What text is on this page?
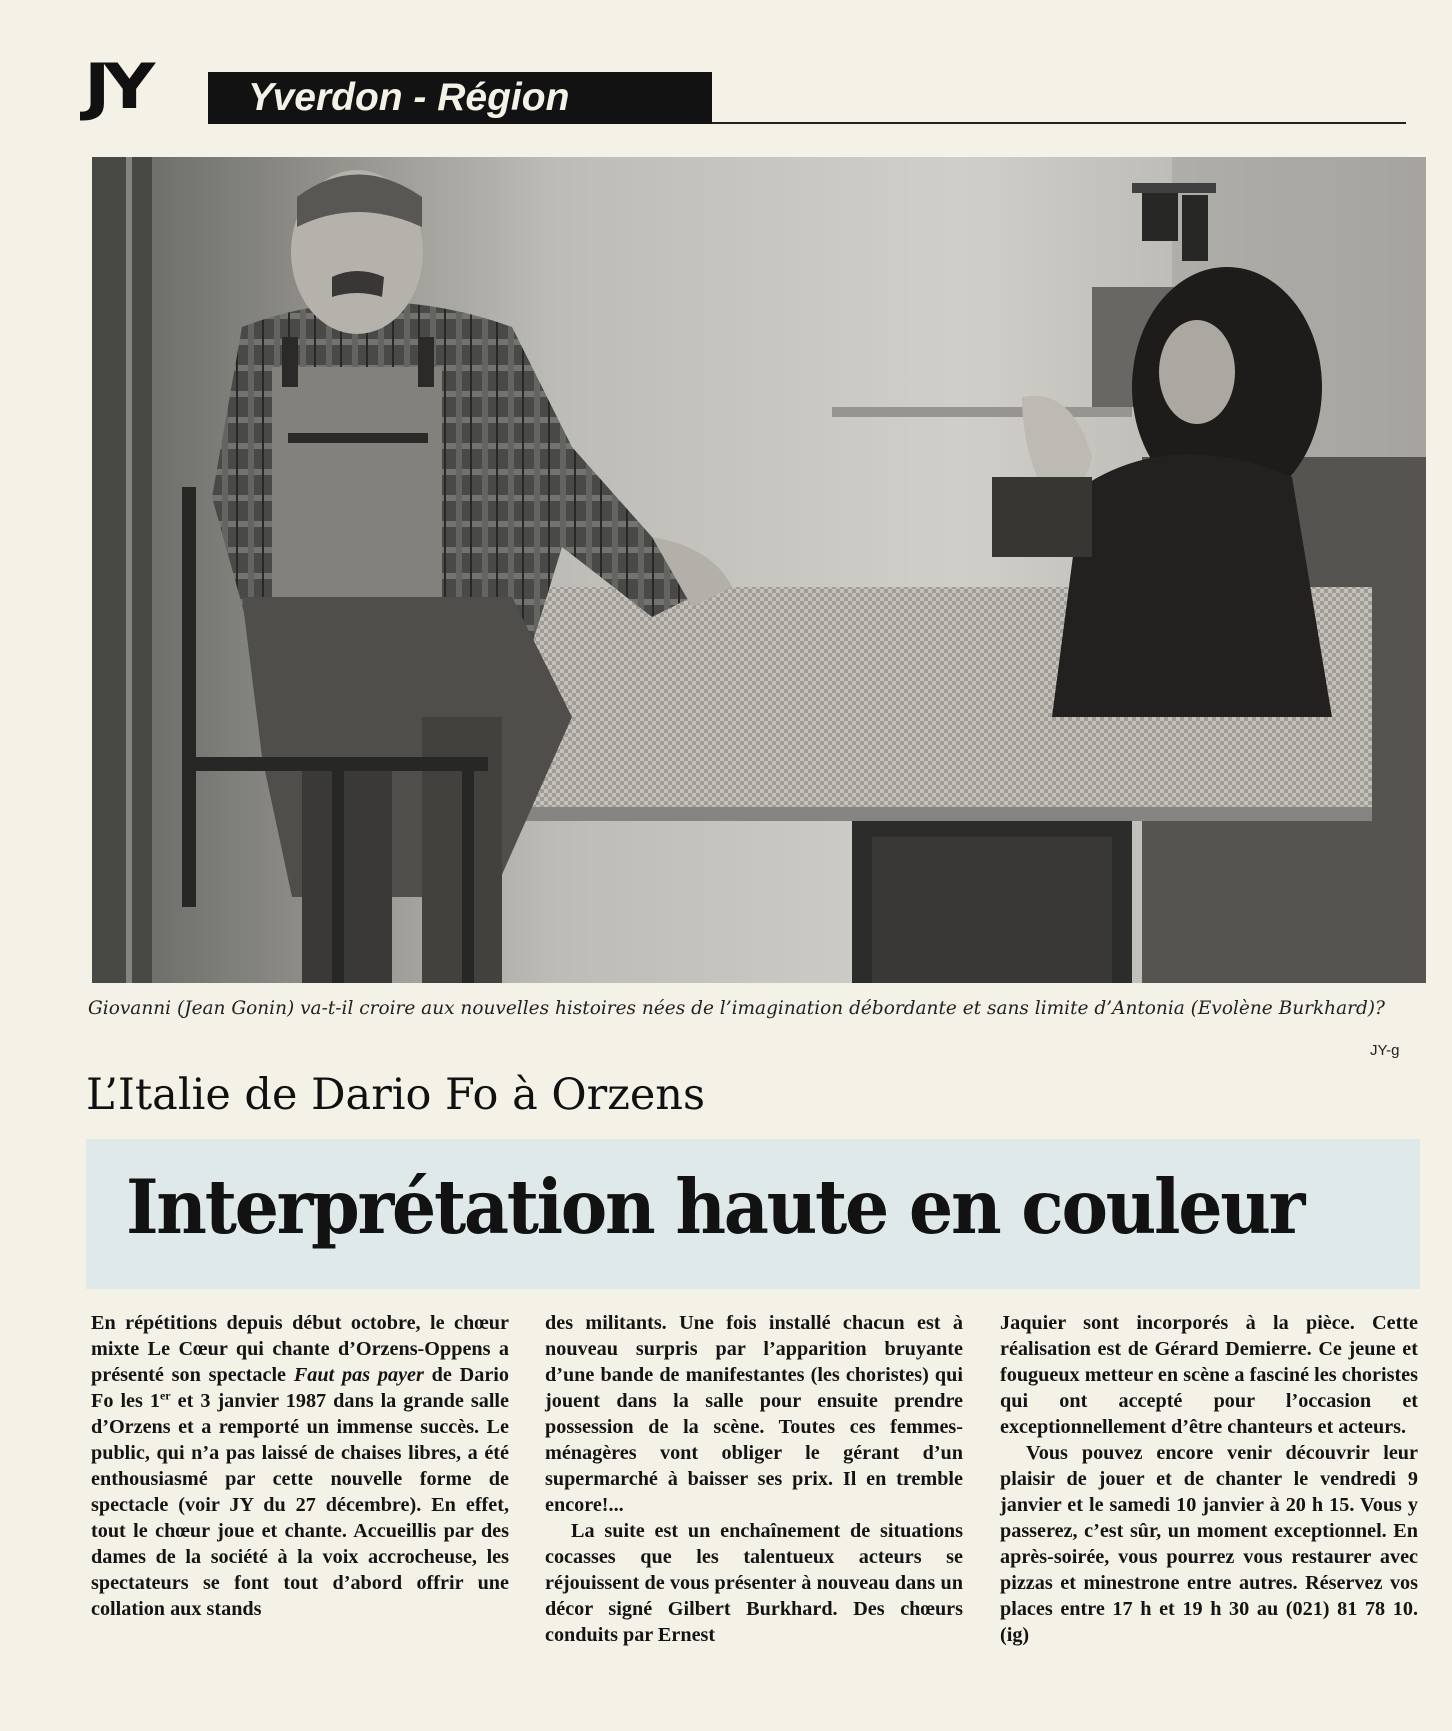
JY	Yverdon - Région
Giovanni (Jean Gonin) va-t-il croire aux nouvelles histoires nées de l’imagination débordante et sans limite d’Antonia (Evolène Burkhard)?
JY-g
L’Italie de Dario Fo à Orzens
Interprétation haute en couleur

En répétitions depuis début octobre, le chœur mixte Le Cœur qui chante d’Orzens-Oppens a présenté son spectacle Faut pas payer de Dario Fo les 1er et 3 janvier 1987 dans la grande salle d’Orzens et a remporté un immense succès. Le public, qui n’a pas laissé de chaises libres, a été enthousiasmé par cette nouvelle forme de spectacle (voir JY du 27 décembre). En effet, tout le chœur joue et chante. Accueillis par des dames de la société à la voix accrocheuse, les spectateurs se font tout d’abord offrir une collation aux stands

des militants. Une fois installé chacun est à nouveau surpris par l’apparition bruyante d’une bande de manifestantes (les choristes) qui jouent dans la salle pour ensuite prendre possession de la scène. Toutes ces femmes-ménagères vont obliger le gérant d’un supermarché à baisser ses prix. Il en tremble encore!...

La suite est un enchaînement de situations cocasses que les talentueux acteurs se réjouissent de vous présenter à nouveau dans un décor signé Gilbert Burkhard. Des chœurs conduits par Ernest

Jaquier sont incorporés à la pièce. Cette réalisation est de Gérard Demierre. Ce jeune et fougueux metteur en scène a fasciné les choristes qui ont accepté pour l’occasion et exceptionnellement d’être chanteurs et acteurs.

Vous pouvez encore venir découvrir leur plaisir de jouer et de chanter le vendredi 9 janvier et le samedi 10 janvier à 20 h 15. Vous y passerez, c’est sûr, un moment exceptionnel. En après-soirée, vous pourrez vous restaurer avec pizzas et minestrone entre autres. Réservez vos places entre 17 h et 19 h 30 au (021) 81 78 10. (ig)
